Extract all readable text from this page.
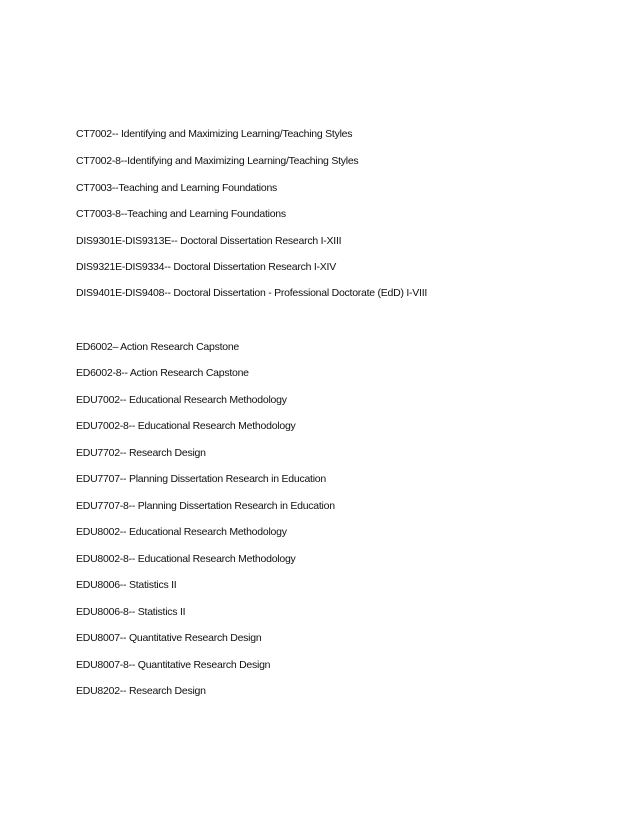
CT7002-- Identifying and Maximizing Learning/Teaching Styles
CT7002-8--Identifying and Maximizing Learning/Teaching Styles
CT7003--Teaching and Learning Foundations
CT7003-8--Teaching and Learning Foundations
DIS9301E-DIS9313E-- Doctoral Dissertation Research I-XIII
DIS9321E-DIS9334-- Doctoral Dissertation Research I-XIV
DIS9401E-DIS9408-- Doctoral Dissertation - Professional Doctorate (EdD) I-VIII
ED6002– Action Research Capstone
ED6002-8-- Action Research Capstone
EDU7002-- Educational Research Methodology
EDU7002-8-- Educational Research Methodology
EDU7702-- Research Design
EDU7707-- Planning Dissertation Research in Education
EDU7707-8-- Planning Dissertation Research in Education
EDU8002-- Educational Research Methodology
EDU8002-8-- Educational Research Methodology
EDU8006-- Statistics II
EDU8006-8-- Statistics II
EDU8007-- Quantitative Research Design
EDU8007-8-- Quantitative Research Design
EDU8202-- Research Design
